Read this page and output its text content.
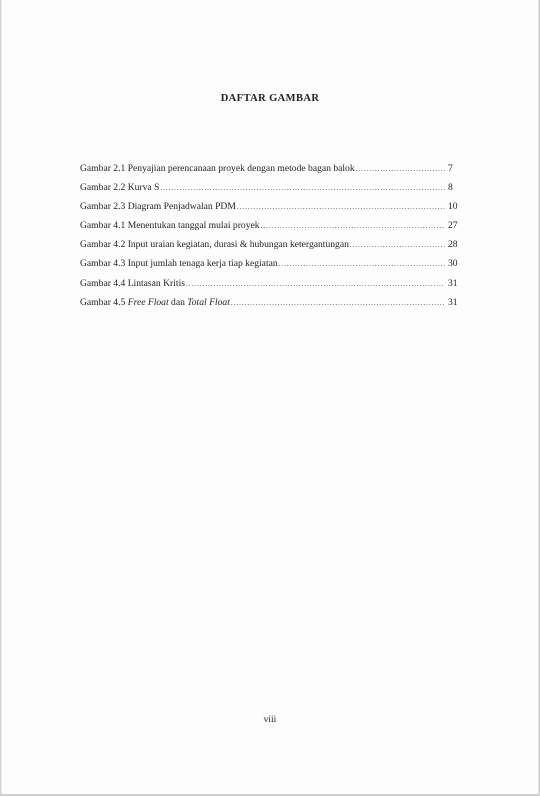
DAFTAR GAMBAR
Gambar 2.1 Penyajian perencanaan proyek dengan metode bagan balok .....	7
Gambar 2.2 Kurva S .....	8
Gambar 2.3 Diagram Penjadwalan PDM .....	10
Gambar 4.1 Menentukan tanggal mulai proyek .....	27
Gambar 4.2 Input uraian kegiatan, durasi & hubungan ketergantungan .....	28
Gambar 4.3 Input jumlah tenaga kerja tiap kegiatan .....	30
Gambar 4.4 Lintasan Kritis .....	31
Gambar 4.5 Free Float dan Total Float .....	31
viii
